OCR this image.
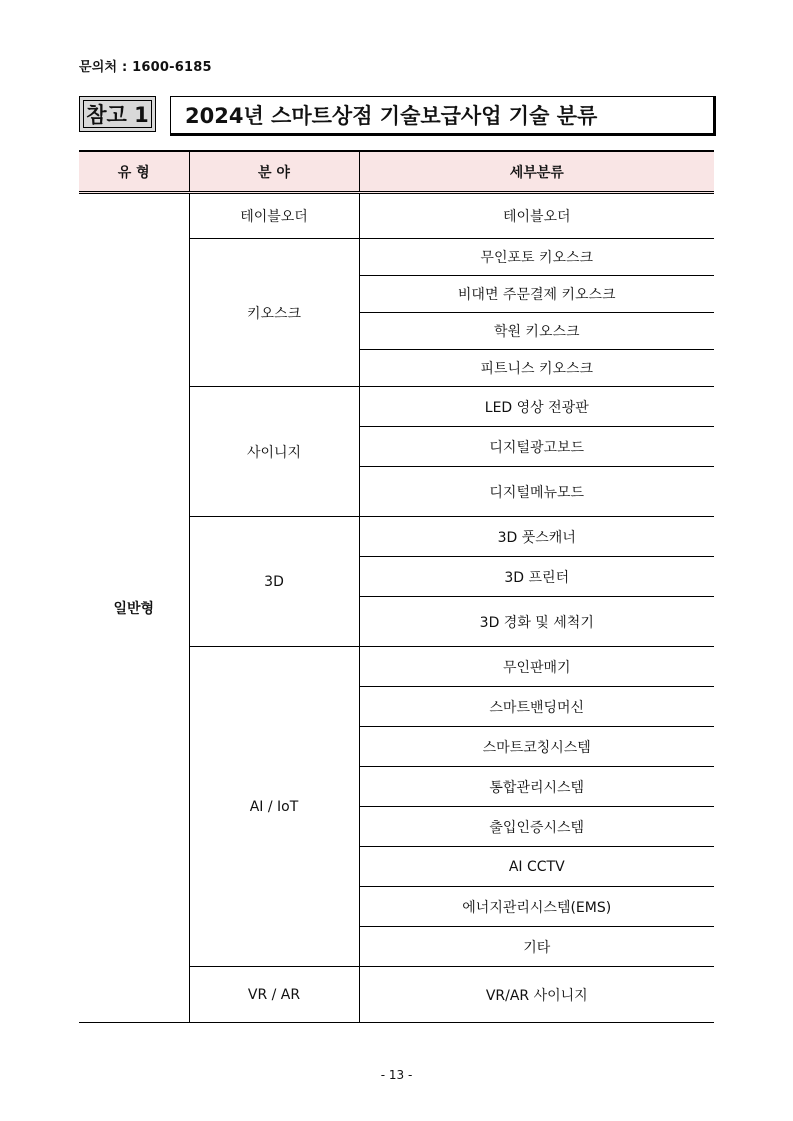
문의처 : 1600-6185
참고 1	2024년 스마트상점 기술보급사업 기술 분류
유 형	분 야	세부분류
일반형	테이블오더	테이블오더
	키오스크	무인포토 키오스크
		비대면 주문결제 키오스크
		학원 키오스크
		피트니스 키오스크
	사이니지	LED 영상 전광판
		디지털광고보드
		디지털메뉴모드
	3D	3D 풋스캐너
		3D 프린터
		3D 경화 및 세척기
	AI / IoT	무인판매기
		스마트밴딩머신
		스마트코칭시스템
		통합관리시스템
		출입인증시스템
		AI CCTV
		에너지관리시스템(EMS)
		기타
	VR / AR	VR/AR 사이니지
- 13 -
